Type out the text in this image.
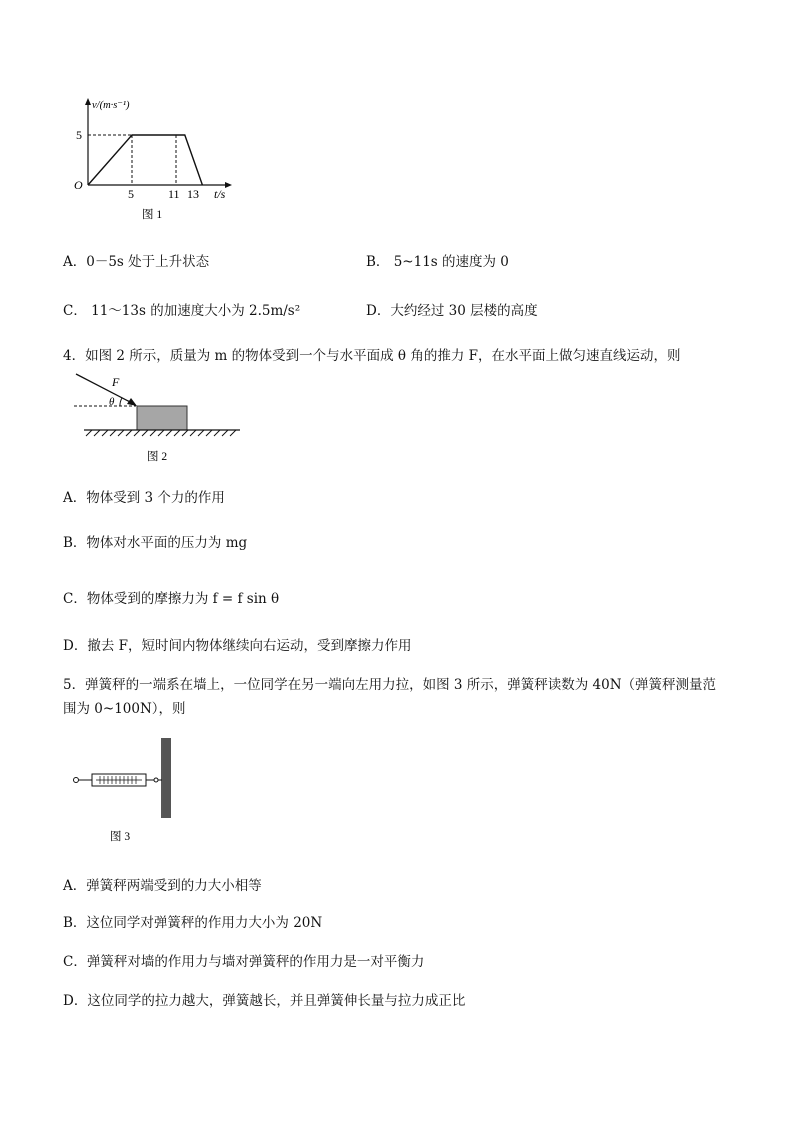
v/(m·s⁻¹)
5
O
5	11 13 t/s
图 1
A．0－5s 处于上升状态	B． 5~11s 的速度为 0
C． 11～13s 的加速度大小为 2.5m/s²	D．大约经过 30 层楼的高度
4．如图 2 所示，质量为 m 的物体受到一个与水平面成 θ 角的推力 F，在水平面上做匀速直线运动，则
F
θ
图 2
A．物体受到 3 个力的作用
B．物体对水平面的压力为 mg
C．物体受到的摩擦力为 f = f sin θ
D．撤去 F，短时间内物体继续向右运动，受到摩擦力作用
5．弹簧秤的一端系在墙上，一位同学在另一端向左用力拉，如图 3 所示，弹簧秤读数为 40N（弹簧秤测量范
围为 0~100N），则
图 3
A．弹簧秤两端受到的力大小相等
B．这位同学对弹簧秤的作用力大小为 20N
C．弹簧秤对墙的作用力与墙对弹簧秤的作用力是一对平衡力
D．这位同学的拉力越大，弹簧越长，并且弹簧伸长量与拉力成正比
